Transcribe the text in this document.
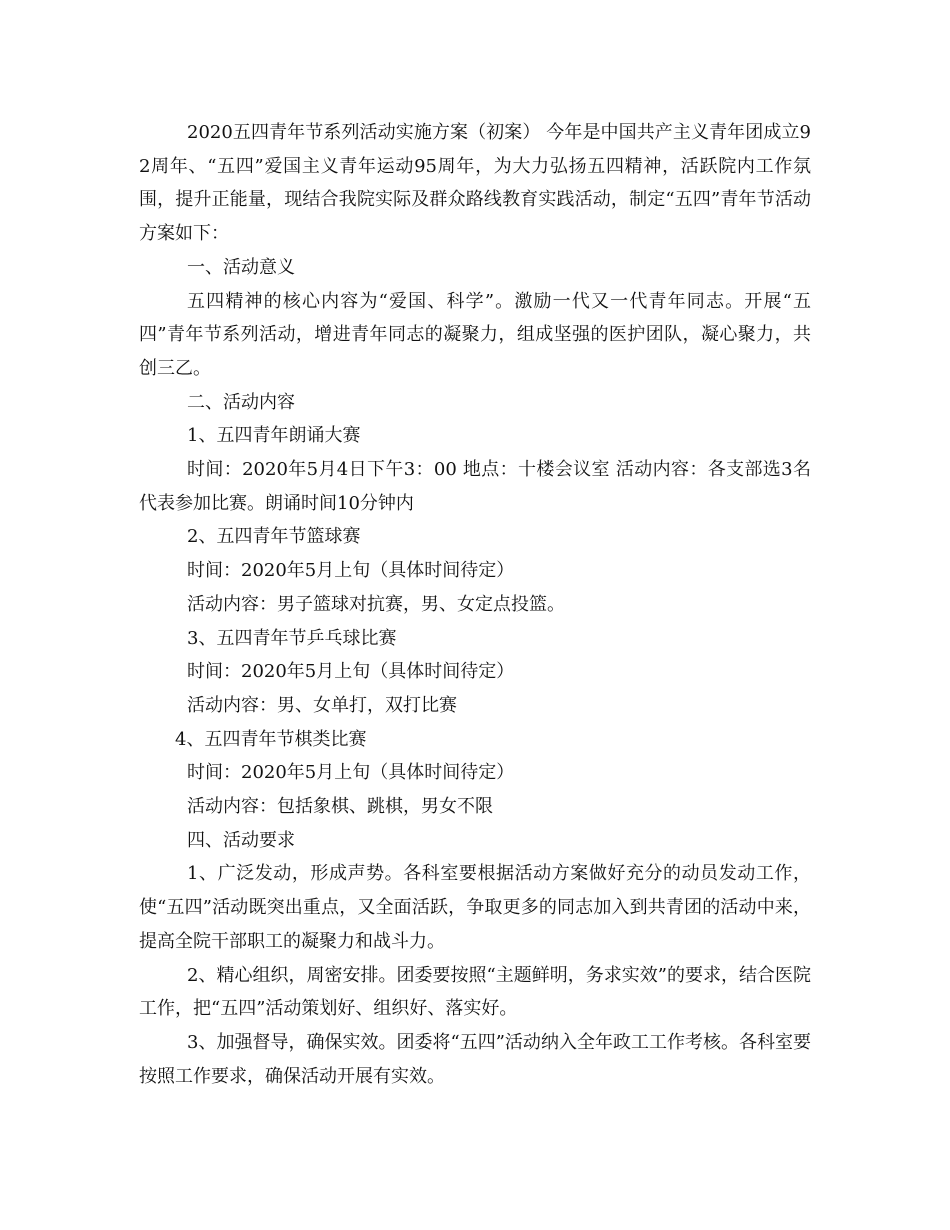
2020五四青年节系列活动实施方案（初案） 今年是中国共产主义青年团成立92周年、“五四”爱国主义青年运动95周年，为大力弘扬五四精神，活跃院内工作氛围，提升正能量，现结合我院实际及群众路线教育实践活动，制定“五四”青年节活动方案如下：

一、活动意义

五四精神的核心内容为“爱国、科学”。激励一代又一代青年同志。开展“五四”青年节系列活动，增进青年同志的凝聚力，组成坚强的医护团队，凝心聚力，共创三乙。

二、活动内容

1、五四青年朗诵大赛

时间：2020年5月4日下午3：00 地点：十楼会议室 活动内容：各支部选3名代表参加比赛。朗诵时间10分钟内

2、五四青年节篮球赛

时间：2020年5月上旬（具体时间待定）

活动内容：男子篮球对抗赛，男、女定点投篮。

3、五四青年节乒乓球比赛

时间：2020年5月上旬（具体时间待定）

活动内容：男、女单打，双打比赛

4、五四青年节棋类比赛

时间：2020年5月上旬（具体时间待定）

活动内容：包括象棋、跳棋，男女不限

四、活动要求

1、广泛发动，形成声势。各科室要根据活动方案做好充分的动员发动工作，使“五四”活动既突出重点，又全面活跃，争取更多的同志加入到共青团的活动中来，提高全院干部职工的凝聚力和战斗力。

2、精心组织，周密安排。团委要按照“主题鲜明，务求实效”的要求，结合医院工作，把“五四”活动策划好、组织好、落实好。

3、加强督导，确保实效。团委将“五四”活动纳入全年政工工作考核。各科室要按照工作要求，确保活动开展有实效。
